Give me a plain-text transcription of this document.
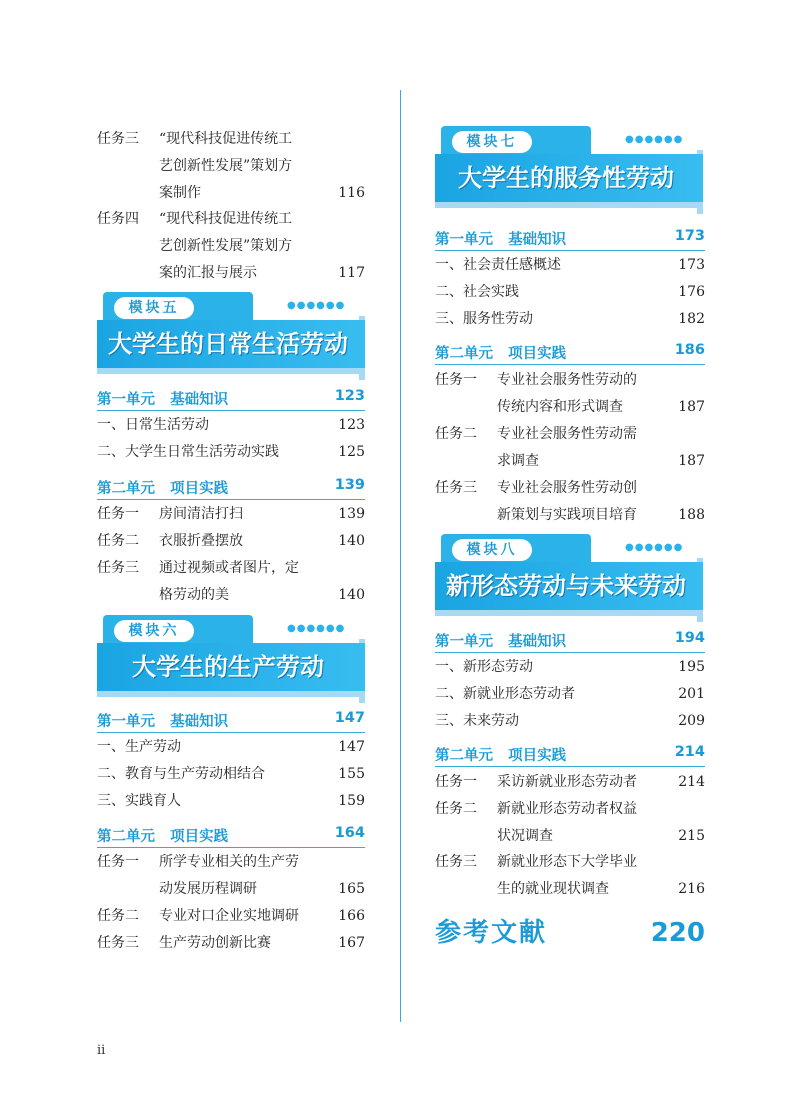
任务三 “现代科技促进传统工
艺创新性发展”策划方
案制作	116
任务四 “现代科技促进传统工
艺创新性发展”策划方
案的汇报与展示	117
模块五	●●●●●●
大学生的日常生活劳动
第一单元   基础知识	123
一、日常生活劳动	123
二、大学生日常生活劳动实践	125
第二单元   项目实践	139
任务一 房间清洁打扫	139
任务二 衣服折叠摆放	140
任务三 通过视频或者图片，定
格劳动的美	140
模块六	●●●●●●
大学生的生产劳动
第一单元   基础知识	147
一、生产劳动	147
二、教育与生产劳动相结合	155
三、实践育人	159
第二单元   项目实践	164
任务一 所学专业相关的生产劳
动发展历程调研	165
任务二 专业对口企业实地调研	166
任务三 生产劳动创新比赛	167
模块七	●●●●●●
大学生的服务性劳动
第一单元   基础知识	173
一、社会责任感概述	173
二、社会实践	176
三、服务性劳动	182
第二单元   项目实践	186
任务一 专业社会服务性劳动的
传统内容和形式调查	187
任务二 专业社会服务性劳动需
求调查	187
任务三 专业社会服务性劳动创
新策划与实践项目培育	188
模块八	●●●●●●
新形态劳动与未来劳动
第一单元   基础知识	194
一、新形态劳动	195
二、新就业形态劳动者	201
三、未来劳动	209
第二单元   项目实践	214
任务一 采访新就业形态劳动者	214
任务二 新就业形态劳动者权益
状况调查	215
任务三 新就业形态下大学毕业
生的就业现状调查	216
参考文献	220
ii
